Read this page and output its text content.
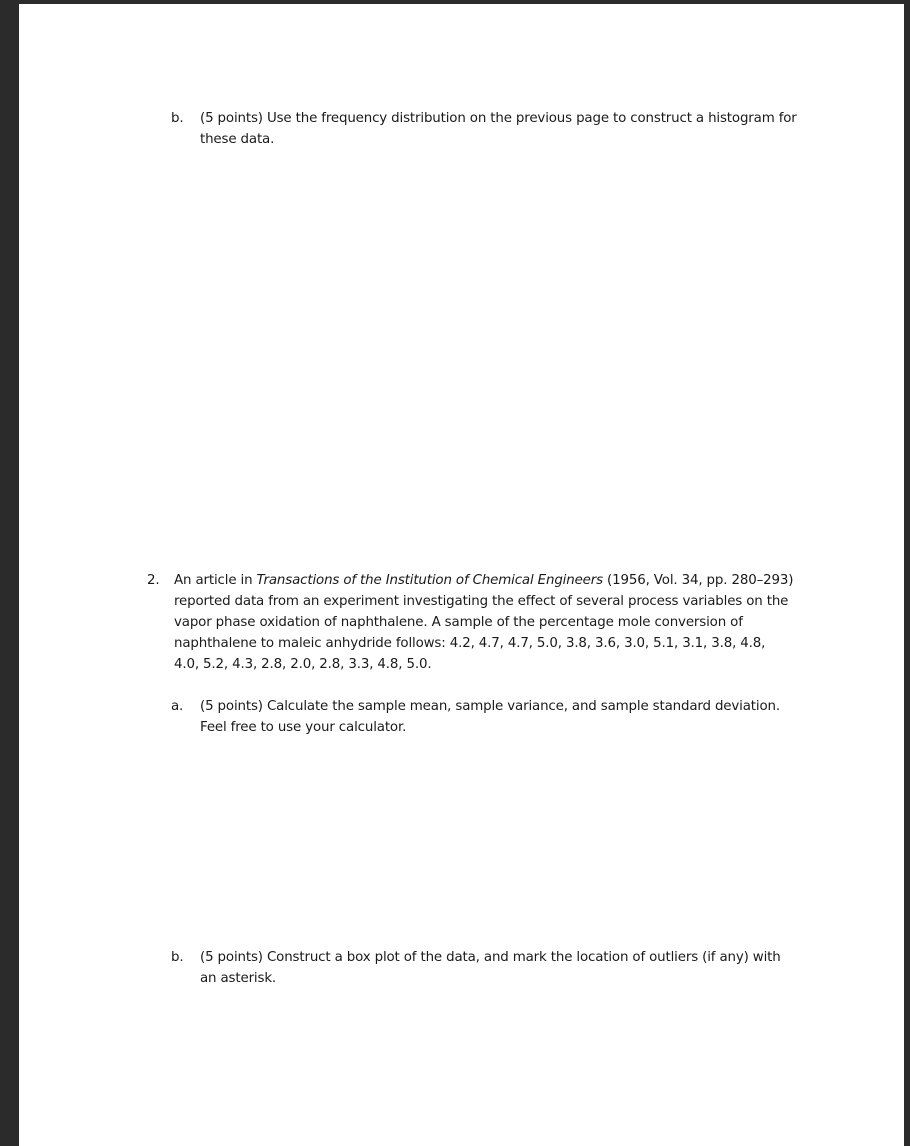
b. (5 points) Use the frequency distribution on the previous page to construct a histogram for these data.
2. An article in Transactions of the Institution of Chemical Engineers (1956, Vol. 34, pp. 280–293) reported data from an experiment investigating the effect of several process variables on the vapor phase oxidation of naphthalene. A sample of the percentage mole conversion of naphthalene to maleic anhydride follows: 4.2, 4.7, 4.7, 5.0, 3.8, 3.6, 3.0, 5.1, 3.1, 3.8, 4.8, 4.0, 5.2, 4.3, 2.8, 2.0, 2.8, 3.3, 4.8, 5.0.
a. (5 points) Calculate the sample mean, sample variance, and sample standard deviation. Feel free to use your calculator.
b. (5 points) Construct a box plot of the data, and mark the location of outliers (if any) with an asterisk.
